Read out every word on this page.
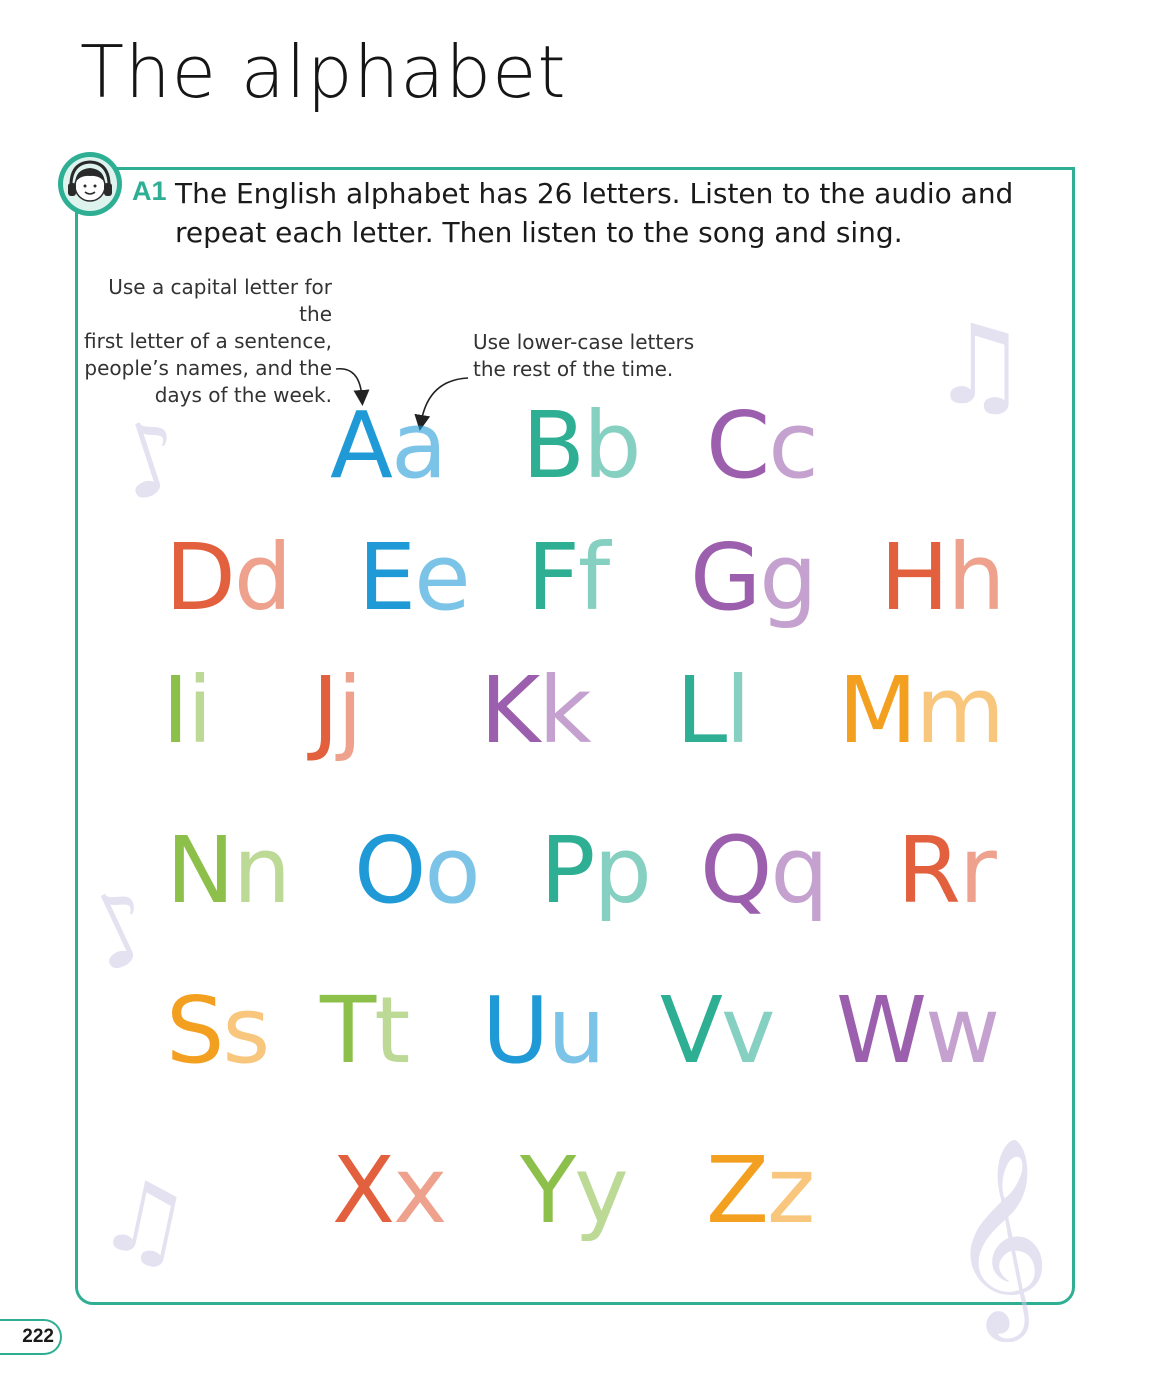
The alphabet
A1 The English alphabet has 26 letters. Listen to the audio and
repeat each letter. Then listen to the song and sing.

Use a capital letter for the
first letter of a sentence,
people’s names, and the
days of the week.

Use lower-case letters
the rest of the time.	♫
♪
♪
♫	𝄞
Aa Bb Cc
Dd Ee Ff Gg Hh
Ii Jj Kk Ll Mm
Nn Oo Pp Qq Rr
Ss Tt Uu Vv Ww
Xx Yy Zz
222
